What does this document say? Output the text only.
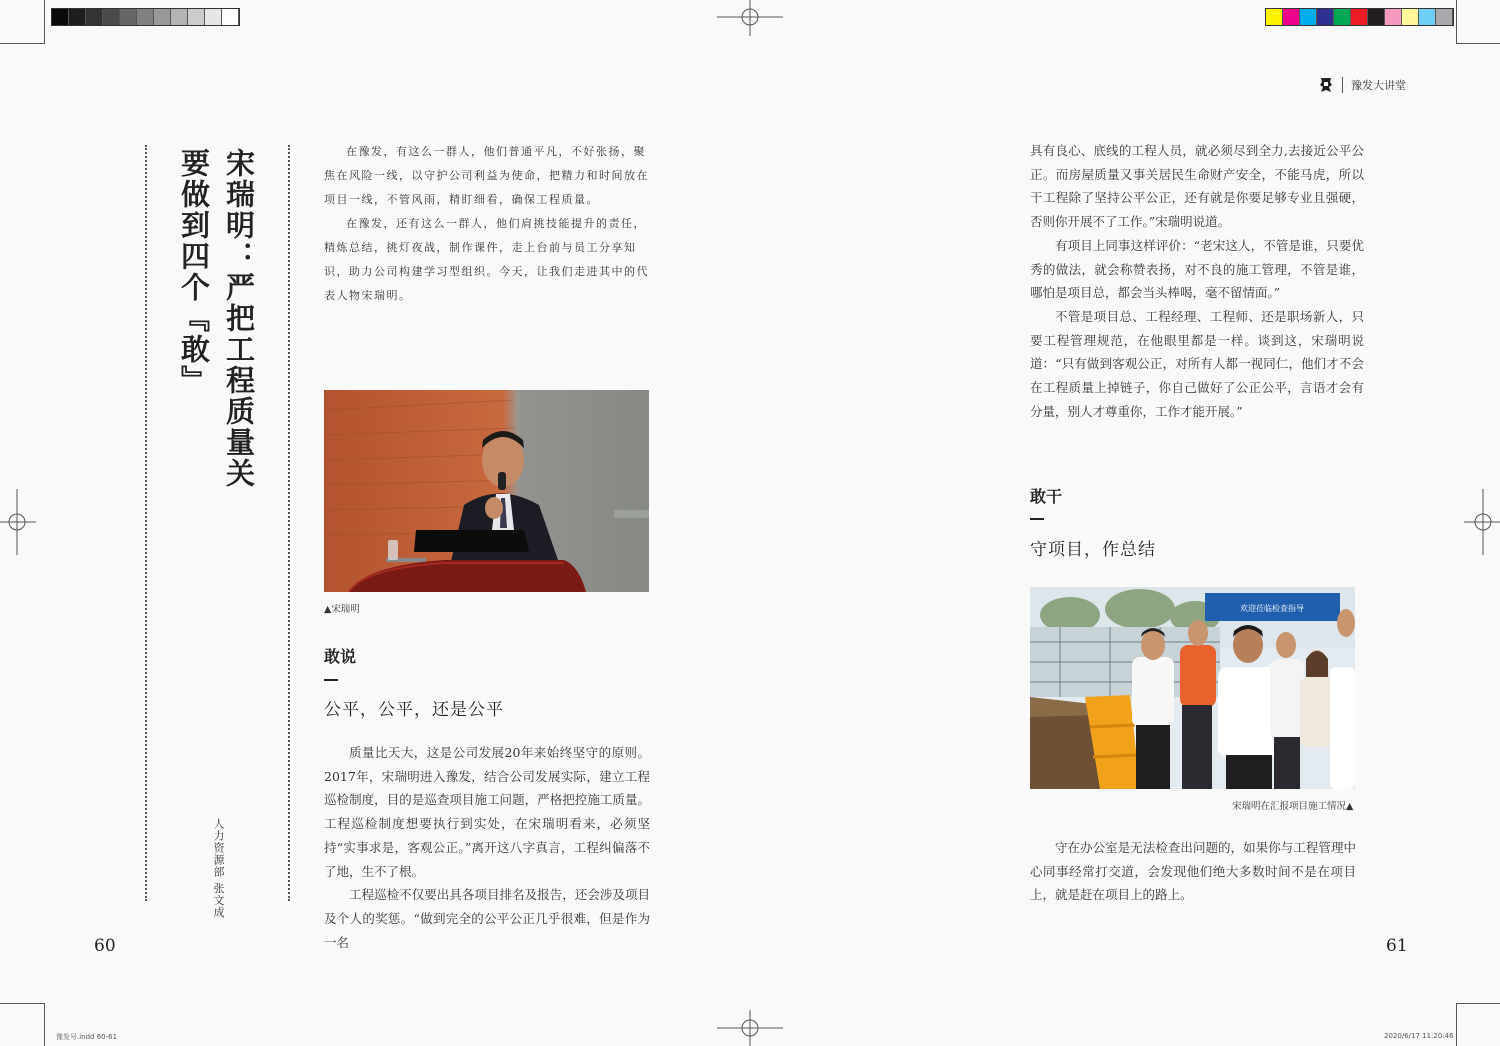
豫发大讲堂
宋瑞明：严把工程质量关
要做到四个『敢』
人力资源部 张文成

在豫发，有这么一群人，他们普通平凡，不好张扬，聚焦在风险一线，以守护公司利益为使命，把精力和时间放在项目一线，不管风雨，精盯细看，确保工程质量。

在豫发，还有这么一群人，他们肩挑技能提升的责任，精炼总结，挑灯夜战，制作课件，走上台前与员工分享知识，助力公司构建学习型组织。今天，让我们走进其中的代表人物宋瑞明。

▲宋瑞明
敢说
公平，公平，还是公平

质量比天大，这是公司发展20年来始终坚守的原则。2017年，宋瑞明进入豫发，结合公司发展实际，建立工程巡检制度，目的是巡查项目施工问题，严格把控施工质量。工程巡检制度想要执行到实处，在宋瑞明看来，必须坚持“实事求是，客观公正。”离开这八字真言，工程纠偏落不了地，生不了根。

工程巡检不仅要出具各项目排名及报告，还会涉及项目及个人的奖惩。“做到完全的公平公正几乎很难，但是作为一名

60

具有良心、底线的工程人员，就必须尽到全力,去接近公平公正。而房屋质量又事关居民生命财产安全，不能马虎，所以干工程除了坚持公平公正，还有就是你要足够专业且强硬，否则你开展不了工作。”宋瑞明说道。

有项目上同事这样评价：“老宋这人，不管是谁，只要优秀的做法，就会称赞表扬，对不良的施工管理，不管是谁，哪怕是项目总，都会当头棒喝，毫不留情面。”

不管是项目总、工程经理、工程师、还是职场新人，只要工程管理规范，在他眼里都是一样。谈到这，宋瑞明说道：“只有做到客观公正，对所有人都一视同仁，他们才不会在工程质量上掉链子，你自己做好了公正公平，言语才会有分量，别人才尊重你，工作才能开展。”

敢干
守项目，作总结
欢迎莅临检查指导
宋瑞明在汇报项目施工情况▲

守在办公室是无法检查出问题的，如果你与工程管理中心同事经常打交道，会发现他们绝大多数时间不是在项目上，就是赶在项目上的路上。

61
豫发号.indd 60-61	2020/6/17 11:20:46
